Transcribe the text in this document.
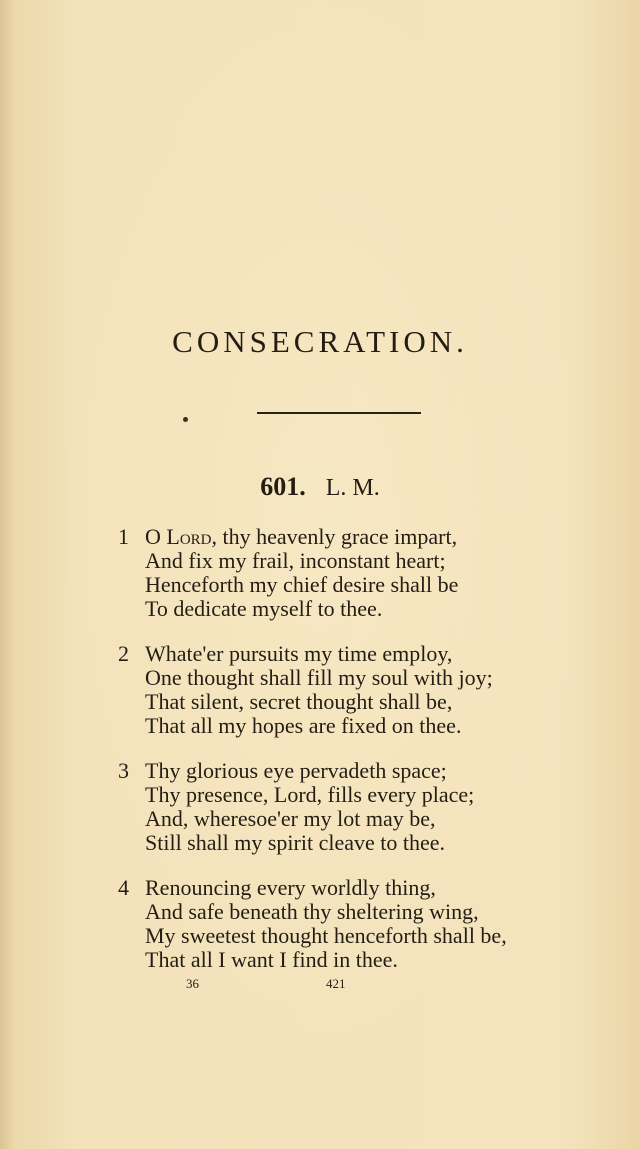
CONSECRATION.
601. L. M.
1 O Lord, thy heavenly grace impart,
And fix my frail, inconstant heart;
Henceforth my chief desire shall be
To dedicate myself to thee.
2 Whate'er pursuits my time employ,
One thought shall fill my soul with joy;
That silent, secret thought shall be,
That all my hopes are fixed on thee.
3 Thy glorious eye pervadeth space;
Thy presence, Lord, fills every place;
And, wheresoe'er my lot may be,
Still shall my spirit cleave to thee.
4 Renouncing every worldly thing,
And safe beneath thy sheltering wing,
My sweetest thought henceforth shall be,
That all I want I find in thee.
36	421
